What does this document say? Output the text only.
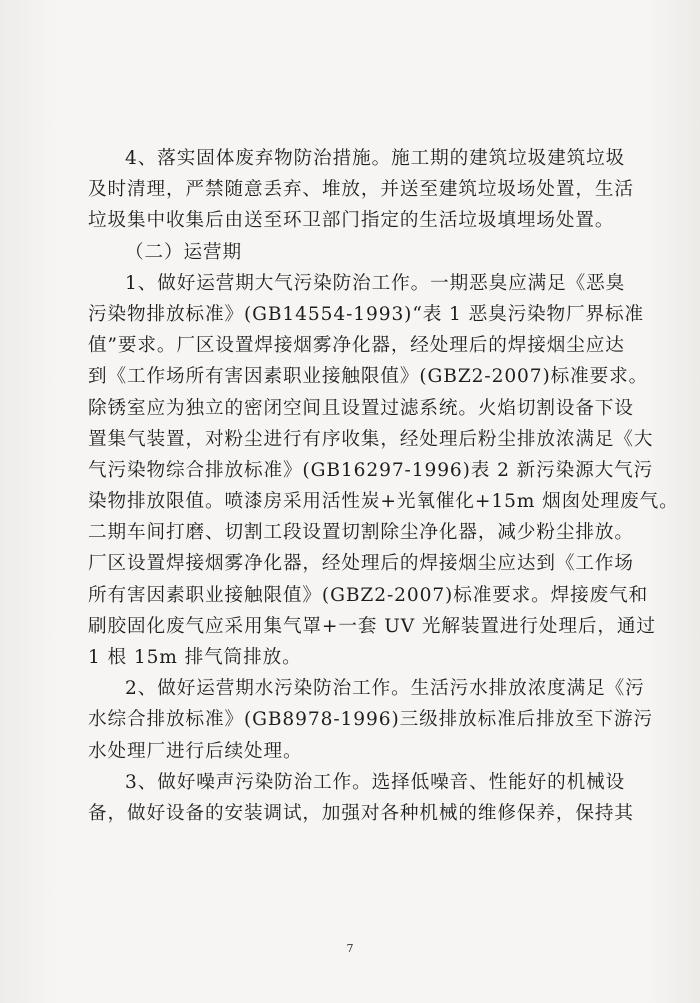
4、落实固体废弃物防治措施。施工期的建筑垃圾建筑垃圾
及时清理，严禁随意丢弃、堆放，并送至建筑垃圾场处置，生活
垃圾集中收集后由送至环卫部门指定的生活垃圾填埋场处置。
（二）运营期
1、做好运营期大气污染防治工作。一期恶臭应满足《恶臭
污染物排放标准》(GB14554-1993)“表 1 恶臭污染物厂界标准
值”要求。厂区设置焊接烟雾净化器，经处理后的焊接烟尘应达
到《工作场所有害因素职业接触限值》(GBZ2-2007)标准要求。
除锈室应为独立的密闭空间且设置过滤系统。火焰切割设备下设
置集气装置，对粉尘进行有序收集，经处理后粉尘排放浓满足《大
气污染物综合排放标准》(GB16297-1996)表 2 新污染源大气污
染物排放限值。喷漆房采用活性炭+光氧催化+15m 烟囱处理废气。
二期车间打磨、切割工段设置切割除尘净化器，减少粉尘排放。
厂区设置焊接烟雾净化器，经处理后的焊接烟尘应达到《工作场
所有害因素职业接触限值》(GBZ2-2007)标准要求。焊接废气和
刷胶固化废气应采用集气罩+一套 UV 光解装置进行处理后，通过
1 根 15m 排气筒排放。
2、做好运营期水污染防治工作。生活污水排放浓度满足《污
水综合排放标准》(GB8978-1996)三级排放标准后排放至下游污
水处理厂进行后续处理。
3、做好噪声污染防治工作。选择低噪音、性能好的机械设
备，做好设备的安装调试，加强对各种机械的维修保养，保持其
7
